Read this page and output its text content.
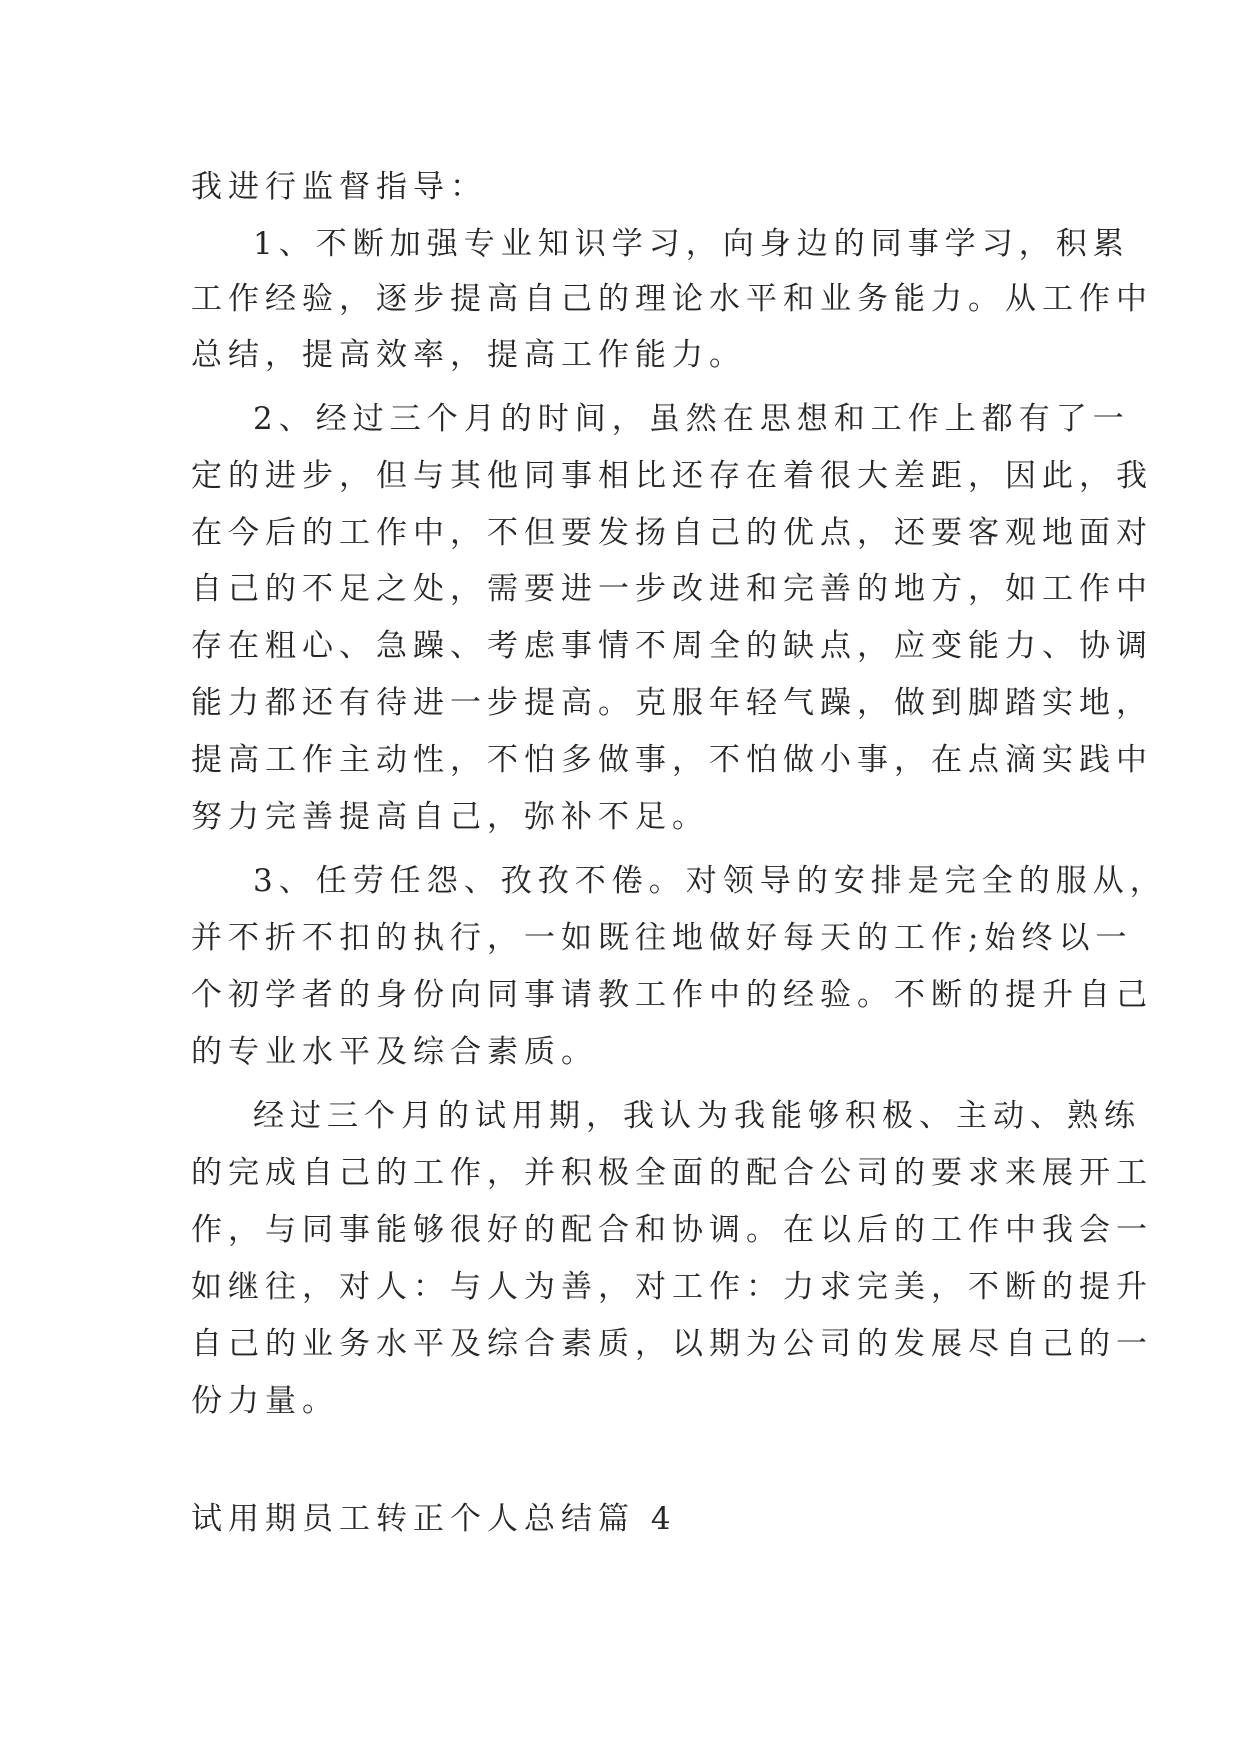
我进行监督指导：
1、不断加强专业知识学习，向身边的同事学习，积累
工作经验，逐步提高自己的理论水平和业务能力。从工作中
总结，提高效率，提高工作能力。
2、经过三个月的时间，虽然在思想和工作上都有了一
定的进步，但与其他同事相比还存在着很大差距，因此，我
在今后的工作中，不但要发扬自己的优点，还要客观地面对
自己的不足之处，需要进一步改进和完善的地方，如工作中
存在粗心、急躁、考虑事情不周全的缺点，应变能力、协调
能力都还有待进一步提高。克服年轻气躁，做到脚踏实地，
提高工作主动性，不怕多做事，不怕做小事，在点滴实践中
努力完善提高自己，弥补不足。
3、任劳任怨、孜孜不倦。对领导的安排是完全的服从，
并不折不扣的执行，一如既往地做好每天的工作;始终以一
个初学者的身份向同事请教工作中的经验。不断的提升自己
的专业水平及综合素质。
经过三个月的试用期，我认为我能够积极、主动、熟练
的完成自己的工作，并积极全面的配合公司的要求来展开工
作，与同事能够很好的配合和协调。在以后的工作中我会一
如继往，对人：与人为善，对工作：力求完美，不断的提升
自己的业务水平及综合素质，以期为公司的发展尽自己的一
份力量。
试用期员工转正个人总结篇 4
